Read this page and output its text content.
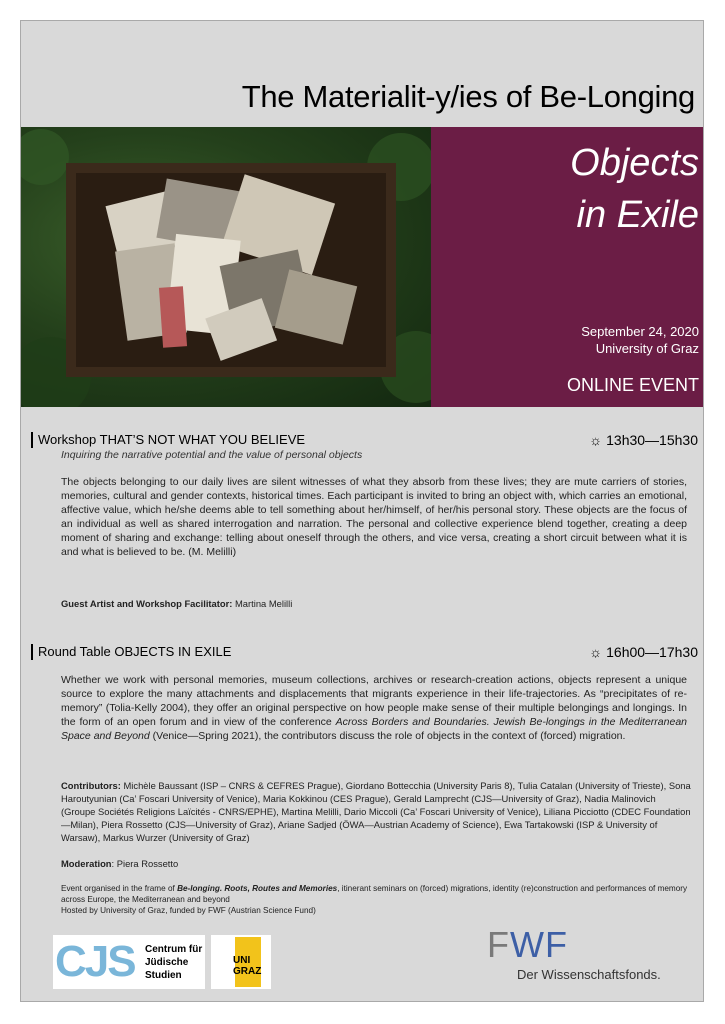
The Materialit-y/ies of Be-Longing
Objects
in Exile
September 24, 2020
University of Graz
ONLINE EVENT
Workshop THAT’S NOT WHAT YOU BELIEVE	☼ 13h30—15h30
Inquiring the narrative potential and the value of personal objects

The objects belonging to our daily lives are silent witnesses of what they absorb from these lives; they are mute carriers of stories, memories, cultural and gender contexts, historical times. Each participant is invited to bring an object with, which carries an emotional, affective value, which he/she deems able to tell something about her/himself, of her/his personal story. These objects are the focus of an individual as well as shared interrogation and narration. The personal and collective experience blend together, creating a deep moment of sharing and exchange: telling about oneself through the others, and vice versa, creating a short circuit between what it is and what is believed to be. (M. Melilli)

Guest Artist and Workshop Facilitator: Martina Melilli

Round Table OBJECTS IN EXILE	☼ 16h00—17h30

Whether we work with personal memories, museum collections, archives or research-creation actions, objects represent a unique source to explore the many attachments and displacements that migrants experience in their life-trajectories. As “precipitates of re-memory” (Tolia-Kelly 2004), they offer an original perspective on how people make sense of their multiple belongings and longings. In the form of an open forum and in view of the conference Across Borders and Boundaries. Jewish Be-longings in the Mediterranean Space and Beyond (Venice—Spring 2021), the contributors discuss the role of objects in the context of (forced) migration.

Contributors: Michèle Baussant (ISP – CNRS & CEFRES Prague), Giordano Bottecchia (University Paris 8), Tulia Catalan (University of Trieste), Sona Haroutyunian (Ca’ Foscari University of Venice), Maria Kokkinou (CES Prague), Gerald Lamprecht (CJS—University of Graz), Nadia Malinovich (Groupe Sociétés Religions Laïcités - CNRS/EPHE), Martina Melilli, Dario Miccoli (Ca’ Foscari University of Venice), Liliana Picciotto (CDEC Foundation—Milan), Piera Rossetto (CJS—University of Graz), Ariane Sadjed (ÖWA—Austrian Academy of Science), Ewa Tartakowski (ISP & University of Warsaw), Markus Wurzer (University of Graz)

Moderation: Piera Rossetto

Event organised in the frame of Be-longing. Roots, Routes and Memories, itinerant seminars on (forced) migrations, identity (re)construction and performances of memory across Europe, the Mediterranean and beyond
Hosted by University of Graz, funded by FWF (Austrian Science Fund)

CJS Centrum für
Jüdische
Studien
UNI
GRAZ
FWF
Der Wissenschaftsfonds.
